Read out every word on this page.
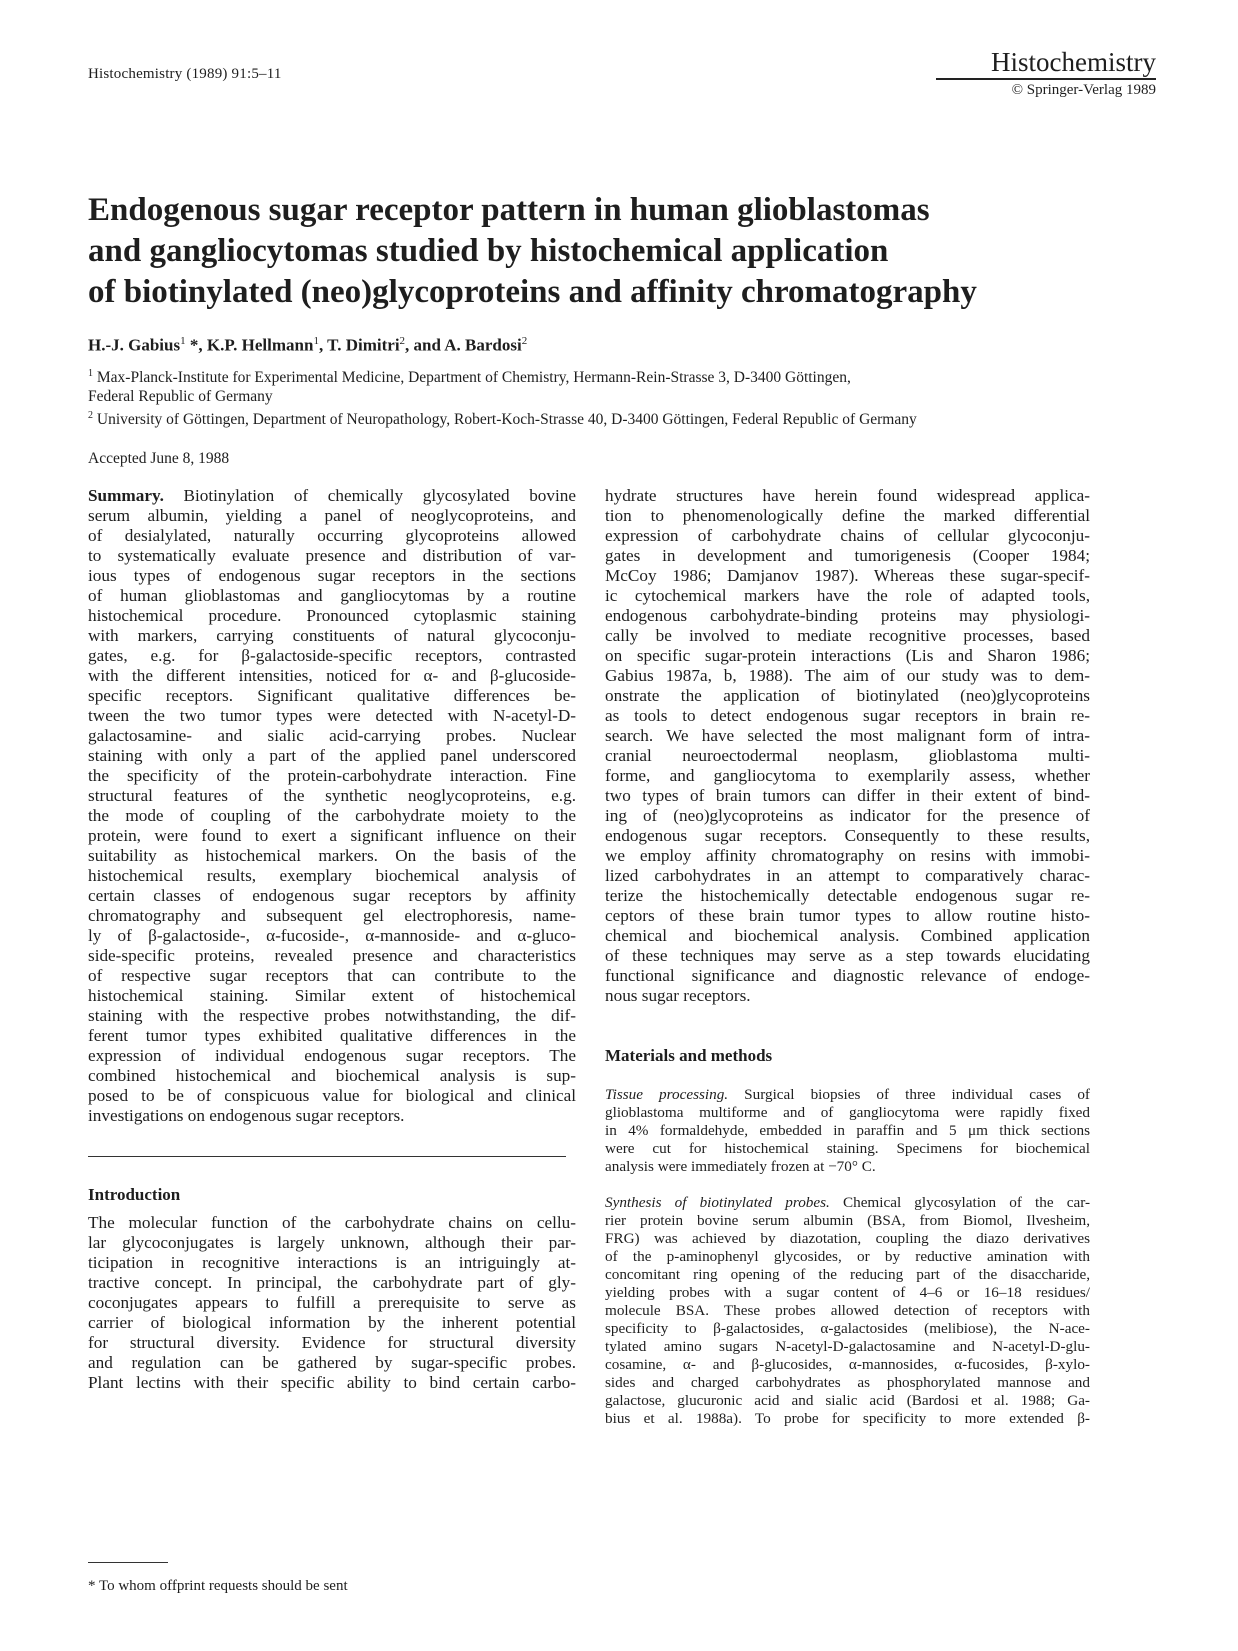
Histochemistry (1989) 91:5–11	Histochemistry
© Springer-Verlag 1989
Endogenous sugar receptor pattern in human glioblastomas
and gangliocytomas studied by histochemical application
of biotinylated (neo)glycoproteins and affinity chromatography
H.-J. Gabius$^1$ *, K.P. Hellmann$^1$, T. Dimitri$^2$, and A. Bardosi$^2$

$^1$ Max-Planck-Institute for Experimental Medicine, Department of Chemistry, Hermann-Rein-Strasse 3, D-3400 Göttingen,

Federal Republic of Germany

$^2$ University of Göttingen, Department of Neuropathology, Robert-Koch-Strasse 40, D-3400 Göttingen, Federal Republic of Germany

Accepted June 8, 1988
Summary. Biotinylation of chemically glycosylated bovine
serum albumin, yielding a panel of neoglycoproteins, and
of desialylated, naturally occurring glycoproteins allowed
to systematically evaluate presence and distribution of var-
ious types of endogenous sugar receptors in the sections
of human glioblastomas and gangliocytomas by a routine
histochemical procedure. Pronounced cytoplasmic staining
with markers, carrying constituents of natural glycoconju-
gates, e.g. for β-galactoside-specific receptors, contrasted
with the different intensities, noticed for α- and β-glucoside-
specific receptors. Significant qualitative differences be-
tween the two tumor types were detected with N-acetyl-D-
galactosamine- and sialic acid-carrying probes. Nuclear
staining with only a part of the applied panel underscored
the specificity of the protein-carbohydrate interaction. Fine
structural features of the synthetic neoglycoproteins, e.g.
the mode of coupling of the carbohydrate moiety to the
protein, were found to exert a significant influence on their
suitability as histochemical markers. On the basis of the
histochemical results, exemplary biochemical analysis of
certain classes of endogenous sugar receptors by affinity
chromatography and subsequent gel electrophoresis, name-
ly of β-galactoside-, α-fucoside-, α-mannoside- and α-gluco-
side-specific proteins, revealed presence and characteristics
of respective sugar receptors that can contribute to the
histochemical staining. Similar extent of histochemical
staining with the respective probes notwithstanding, the dif-
ferent tumor types exhibited qualitative differences in the
expression of individual endogenous sugar receptors. The
combined histochemical and biochemical analysis is sup-
posed to be of conspicuous value for biological and clinical
investigations on endogenous sugar receptors.
Introduction
The molecular function of the carbohydrate chains on cellu-
lar glycoconjugates is largely unknown, although their par-
ticipation in recognitive interactions is an intriguingly at-
tractive concept. In principal, the carbohydrate part of gly-
coconjugates appears to fulfill a prerequisite to serve as
carrier of biological information by the inherent potential
for structural diversity. Evidence for structural diversity
and regulation can be gathered by sugar-specific probes.
Plant lectins with their specific ability to bind certain carbo-
hydrate structures have herein found widespread applica-
tion to phenomenologically define the marked differential
expression of carbohydrate chains of cellular glycoconju-
gates in development and tumorigenesis (Cooper 1984;
McCoy 1986; Damjanov 1987). Whereas these sugar-specif-
ic cytochemical markers have the role of adapted tools,
endogenous carbohydrate-binding proteins may physiologi-
cally be involved to mediate recognitive processes, based
on specific sugar-protein interactions (Lis and Sharon 1986;
Gabius 1987a, b, 1988). The aim of our study was to dem-
onstrate the application of biotinylated (neo)glycoproteins
as tools to detect endogenous sugar receptors in brain re-
search. We have selected the most malignant form of intra-
cranial neuroectodermal neoplasm, glioblastoma multi-
forme, and gangliocytoma to exemplarily assess, whether
two types of brain tumors can differ in their extent of bind-
ing of (neo)glycoproteins as indicator for the presence of
endogenous sugar receptors. Consequently to these results,
we employ affinity chromatography on resins with immobi-
lized carbohydrates in an attempt to comparatively charac-
terize the histochemically detectable endogenous sugar re-
ceptors of these brain tumor types to allow routine histo-
chemical and biochemical analysis. Combined application
of these techniques may serve as a step towards elucidating
functional significance and diagnostic relevance of endoge-
nous sugar receptors.
Materials and methods
Tissue processing. Surgical biopsies of three individual cases of
glioblastoma multiforme and of gangliocytoma were rapidly fixed
in 4% formaldehyde, embedded in paraffin and 5 μm thick sections
were cut for histochemical staining. Specimens for biochemical
analysis were immediately frozen at −70° C.
Synthesis of biotinylated probes. Chemical glycosylation of the car-
rier protein bovine serum albumin (BSA, from Biomol, Ilvesheim,
FRG) was achieved by diazotation, coupling the diazo derivatives
of the p-aminophenyl glycosides, or by reductive amination with
concomitant ring opening of the reducing part of the disaccharide,
yielding probes with a sugar content of 4–6 or 16–18 residues/
molecule BSA. These probes allowed detection of receptors with
specificity to β-galactosides, α-galactosides (melibiose), the N-ace-
tylated amino sugars N-acetyl-D-galactosamine and N-acetyl-D-glu-
cosamine, α- and β-glucosides, α-mannosides, α-fucosides, β-xylo-
sides and charged carbohydrates as phosphorylated mannose and
galactose, glucuronic acid and sialic acid (Bardosi et al. 1988; Ga-
bius et al. 1988a). To probe for specificity to more extended β-
* To whom offprint requests should be sent
